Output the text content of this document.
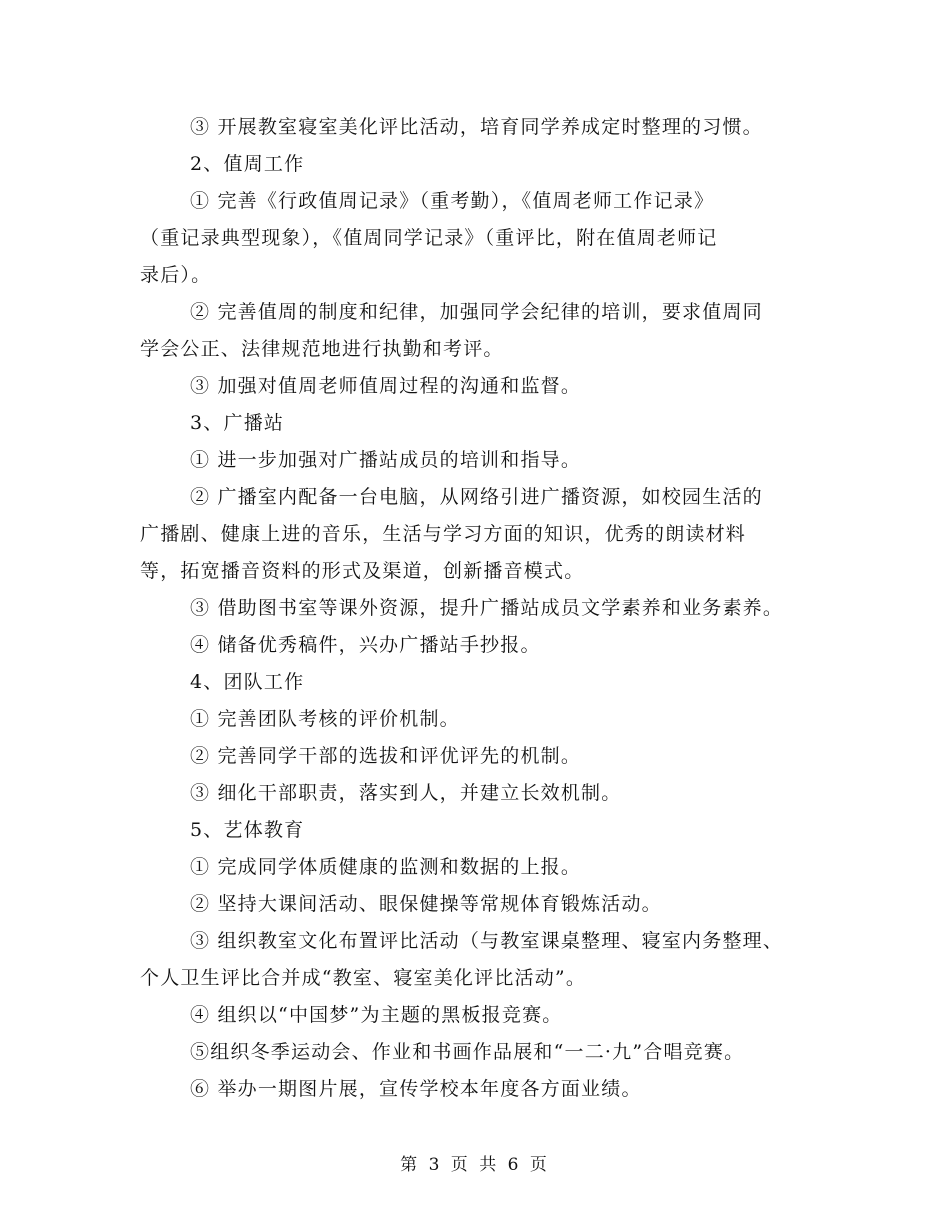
③ 开展教室寝室美化评比活动，培育同学养成定时整理的习惯。
2、值周工作
① 完善《行政值周记录》（重考勤），《值周老师工作记录》
（重记录典型现象），《值周同学记录》（重评比，附在值周老师记
录后）。
② 完善值周的制度和纪律，加强同学会纪律的培训，要求值周同
学会公正、法律规范地进行执勤和考评。
③ 加强对值周老师值周过程的沟通和监督。
3、广播站
① 进一步加强对广播站成员的培训和指导。
② 广播室内配备一台电脑，从网络引进广播资源，如校园生活的
广播剧、健康上进的音乐，生活与学习方面的知识，优秀的朗读材料
等，拓宽播音资料的形式及渠道，创新播音模式。
③ 借助图书室等课外资源，提升广播站成员文学素养和业务素养。
④ 储备优秀稿件，兴办广播站手抄报。
4、团队工作
① 完善团队考核的评价机制。
② 完善同学干部的选拔和评优评先的机制。
③ 细化干部职责，落实到人，并建立长效机制。
5、艺体教育
① 完成同学体质健康的监测和数据的上报。
② 坚持大课间活动、眼保健操等常规体育锻炼活动。
③ 组织教室文化布置评比活动（与教室课桌整理、寝室内务整理、
个人卫生评比合并成“教室、寝室美化评比活动”。
④ 组织以“中国梦”为主题的黑板报竞赛。
⑤组织冬季运动会、作业和书画作品展和“一二·九”合唱竞赛。
⑥ 举办一期图片展，宣传学校本年度各方面业绩。
第 3 页 共 6 页
